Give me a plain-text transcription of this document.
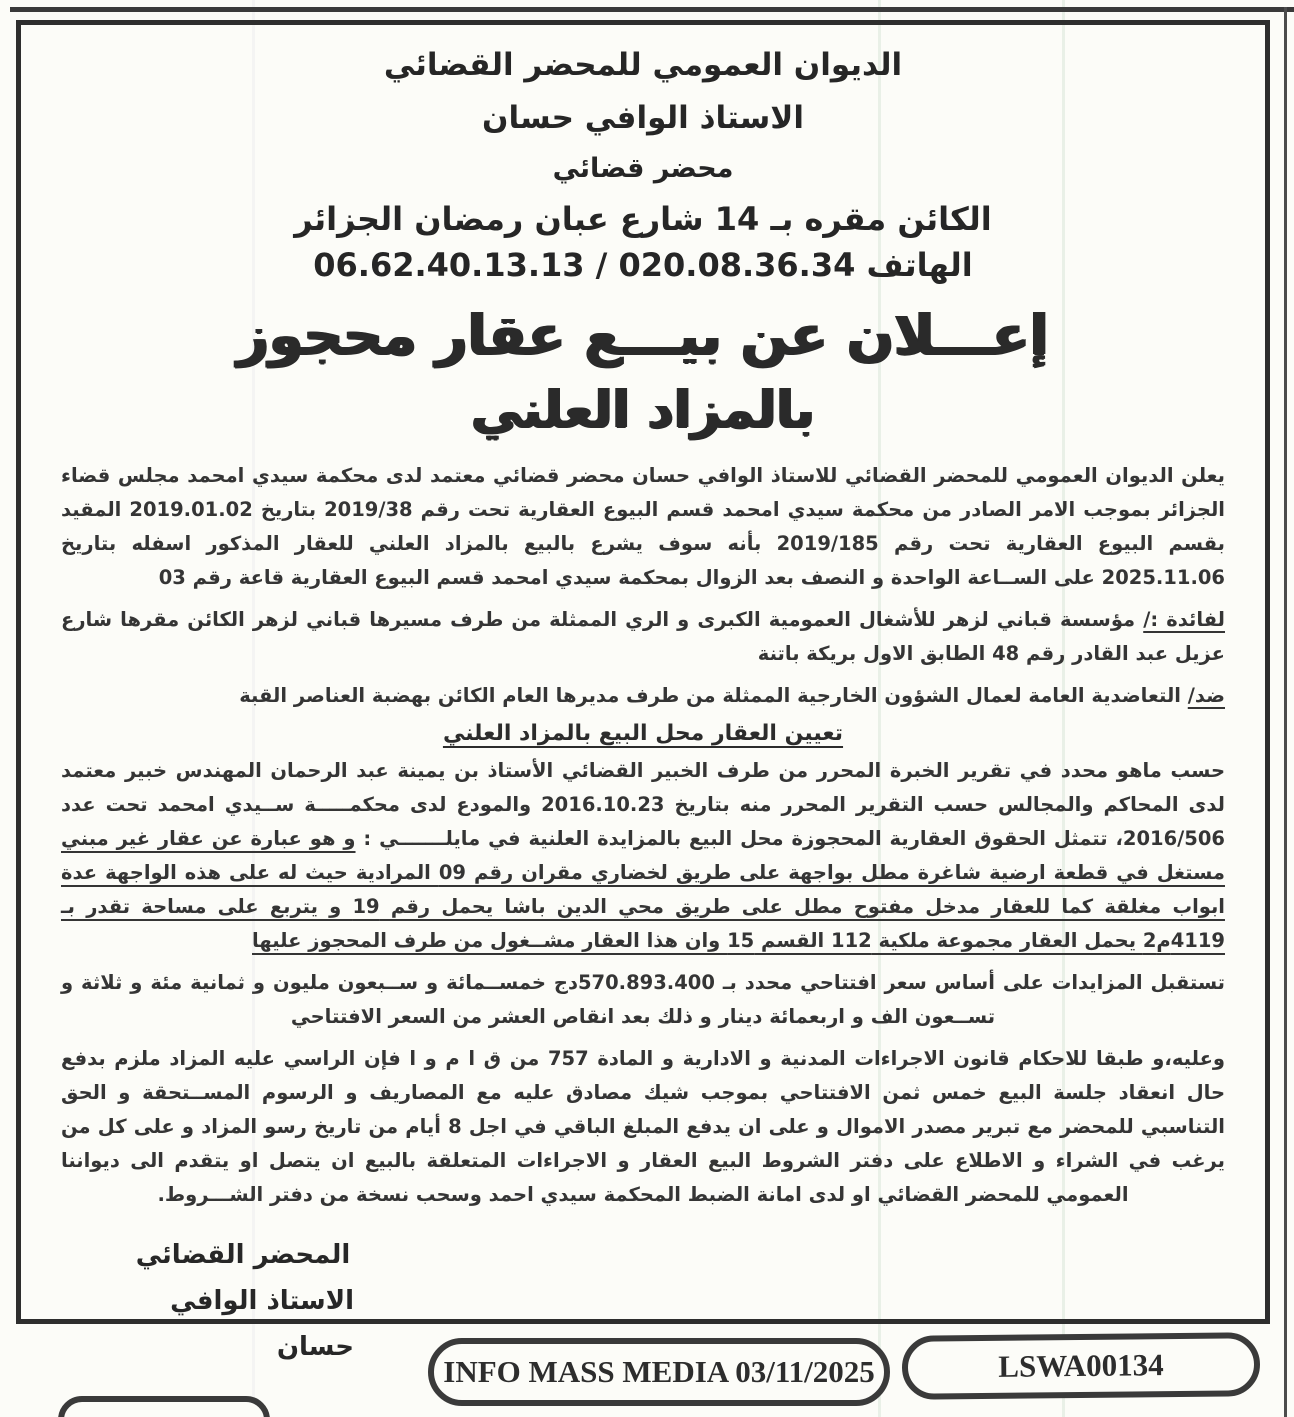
الديوان العمومي للمحضر القضائي
الاستاذ الوافي حسان
محضر قضائي
الكائن مقره بـ 14 شارع عبان رمضان الجزائر
الهاتف 020.08.36.34 / 06.62.40.13.13
إعـــلان عن بيـــع عقار محجوز
بالمزاد العلني

يعلن الديوان العمومي للمحضر القضائي للاستاذ الوافي حسان محضر قضائي معتمد لدى محكمة سيدي امحمد مجلس قضاء الجزائر بموجب الامر الصادر من محكمة سيدي امحمد قسم البيوع العقارية تحت رقم 2019/38 بتاريخ 2019.01.02 المقيد بقسم البيوع العقارية تحت رقم 2019/185 بأنه سوف يشرع بالبيع بالمزاد العلني للعقار المذكور اسفله بتاريخ 2025.11.06 على الســاعة الواحدة و النصف بعد الزوال بمحكمة سيدي امحمد قسم البيوع العقارية قاعة رقم 03

لفائدة :/ مؤسسة قباني لزهر للأشغال العمومية الكبرى و الري الممثلة من طرف مسيرها قباني لزهر الكائن مقرها شارع عزيل عبد القادر رقم 48 الطابق الاول بريكة باتنة

ضد/ التعاضدية العامة لعمال الشؤون الخارجية الممثلة من طرف مديرها العام الكائن بهضبة العناصر القبة

تعيين العقار محل البيع بالمزاد العلني

حسب ماهو محدد في تقرير الخبرة المحرر من طرف الخبير القضائي الأستاذ بن يمينة عبد الرحمان المهندس خبير معتمد لدى المحاكم والمجالس حسب التقرير المحرر منه بتاريخ 2016.10.23 والمودع لدى محكمـــــة ســيدي امحمد تحت عدد 2016/506، تتمثل الحقوق العقارية المحجوزة محل البيع بالمزايدة العلنية في مايلـــــــي : و هو عبارة عن عقار غير مبني مستغل في قطعة ارضية شاغرة مطل بواجهة على طريق لخضاري مقران رقم 09 المرادية حيث له على هذه الواجهة عدة ابواب مغلقة كما للعقار مدخل مفتوح مطل على طريق محي الدين باشا يحمل رقم 19 و يتربع على مساحة تقدر بـ 4119م2 يحمل العقار مجموعة ملكية 112 القسم 15 وان هذا العقار مشــغول من طرف المحجوز عليها

تستقبل المزايدات على أساس سعر افتتاحي محدد بـ 570.893.400دج خمســمائة و ســبعون مليون و ثمانية مئة و ثلاثة و تســعون الف و اربعمائة دينار و ذلك بعد انقاص العشر من السعر الافتتاحي

وعليه،و طبقا للاحكام قانون الاجراءات المدنية و الادارية و المادة 757 من ق ا م و ا فإن الراسي عليه المزاد ملزم بدفع حال انعقاد جلسة البيع خمس ثمن الافتتاحي بموجب شيك مصادق عليه مع المصاريف و الرسوم المســتحقة و الحق التناسبي للمحضر مع تبرير مصدر الاموال و على ان يدفع المبلغ الباقي في اجل 8 أيام من تاريخ رسو المزاد و على كل من يرغب في الشراء و الاطلاع على دفتر الشروط البيع العقار و الاجراءات المتعلقة بالبيع ان يتصل او يتقدم الى ديواننا العمومي للمحضر القضائي او لدى امانة الضبط المحكمة سيدي احمد وسحب نسخة من دفتر الشـــروط.

المحضر القضائي
الاستاذ الوافي حسان
INFO MASS MEDIA 03/11/2025	LSWA00134
